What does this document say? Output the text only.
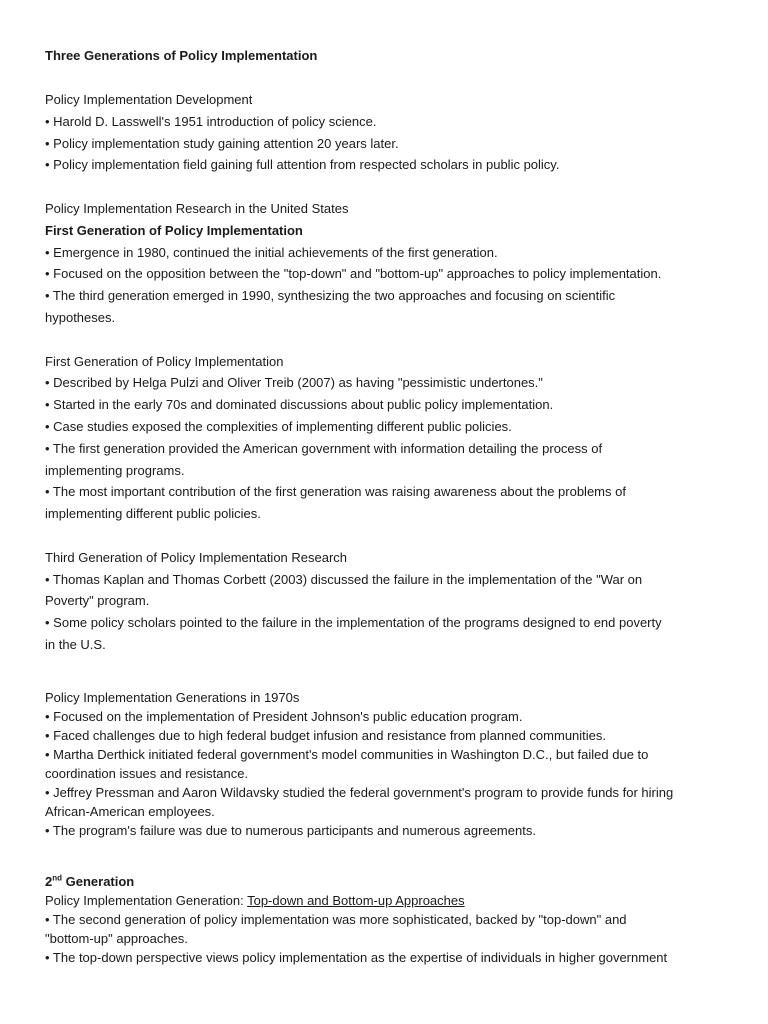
Three Generations of Policy Implementation
Policy Implementation Development
• Harold D. Lasswell's 1951 introduction of policy science.
• Policy implementation study gaining attention 20 years later.
• Policy implementation field gaining full attention from respected scholars in public policy.
Policy Implementation Research in the United States
First Generation of Policy Implementation
• Emergence in 1980, continued the initial achievements of the first generation.
• Focused on the opposition between the "top-down" and "bottom-up" approaches to policy implementation.
• The third generation emerged in 1990, synthesizing the two approaches and focusing on scientific
hypotheses.
First Generation of Policy Implementation
• Described by Helga Pulzi and Oliver Treib (2007) as having "pessimistic undertones."
• Started in the early 70s and dominated discussions about public policy implementation.
• Case studies exposed the complexities of implementing different public policies.
• The first generation provided the American government with information detailing the process of
implementing programs.
• The most important contribution of the first generation was raising awareness about the problems of
implementing different public policies.
Third Generation of Policy Implementation Research
• Thomas Kaplan and Thomas Corbett (2003) discussed the failure in the implementation of the "War on
Poverty" program.
• Some policy scholars pointed to the failure in the implementation of the programs designed to end poverty
in the U.S.
Policy Implementation Generations in 1970s
• Focused on the implementation of President Johnson's public education program.
• Faced challenges due to high federal budget infusion and resistance from planned communities.
• Martha Derthick initiated federal government's model communities in Washington D.C., but failed due to
coordination issues and resistance.
• Jeffrey Pressman and Aaron Wildavsky studied the federal government's program to provide funds for hiring
African-American employees.
• The program's failure was due to numerous participants and numerous agreements.
2nd Generation
Policy Implementation Generation: Top-down and Bottom-up Approaches
• The second generation of policy implementation was more sophisticated, backed by "top-down" and
"bottom-up" approaches.
• The top-down perspective views policy implementation as the expertise of individuals in higher government
